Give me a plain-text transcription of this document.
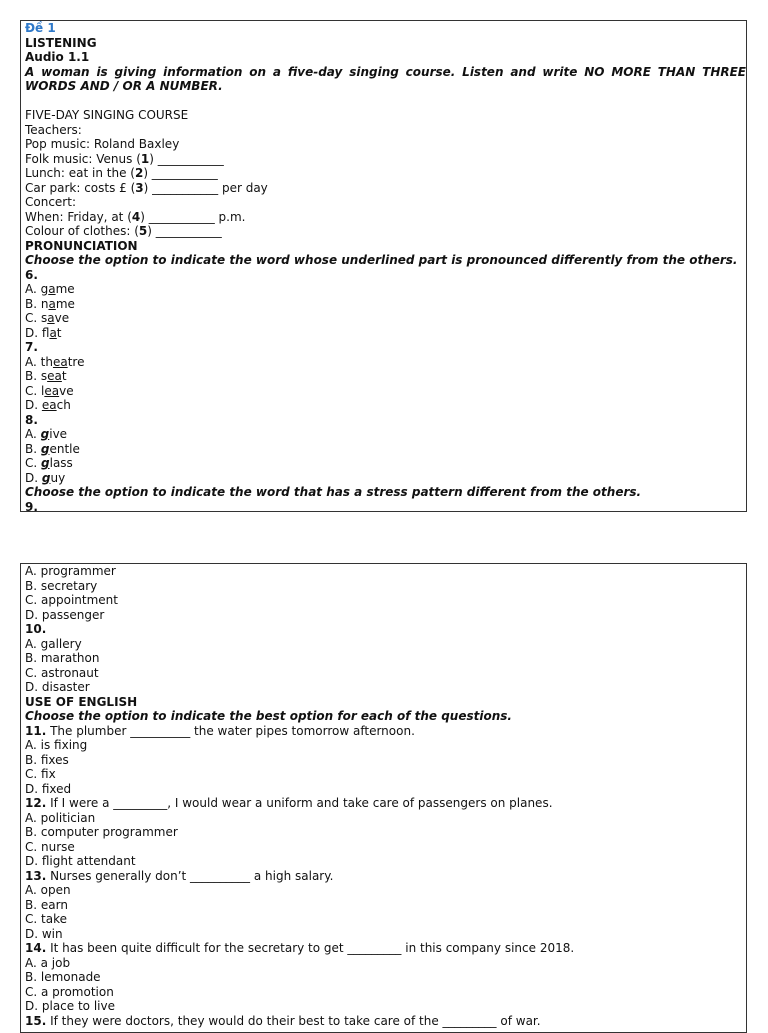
Đề 1
LISTENING
Audio 1.1
A woman is giving information on a five-day singing course. Listen and write NO MORE THAN THREE WORDS AND / OR A NUMBER.
FIVE-DAY SINGING COURSE
Teachers:
Pop music: Roland Baxley
Folk music: Venus (1) ___________
Lunch: eat in the (2) ___________
Car park: costs £ (3) ___________ per day
Concert:
When: Friday, at (4) ___________ p.m.
Colour of clothes: (5) ___________
PRONUNCIATION
Choose the option to indicate the word whose underlined part is pronounced differently from the others.
6.
A. game
B. name
C. save
D. flat
7.
A. theatre
B. seat
C. leave
D. each
8.
A. give
B. gentle
C. glass
D. guy
Choose the option to indicate the word that has a stress pattern different from the others.
9.
A. programmer
B. secretary
C. appointment
D. passenger
10.
A. gallery
B. marathon
C. astronaut
D. disaster
USE OF ENGLISH
Choose the option to indicate the best option for each of the questions.
11. The plumber __________ the water pipes tomorrow afternoon.
A. is fixing
B. fixes
C. fix
D. fixed
12. If I were a _________, I would wear a uniform and take care of passengers on planes.
A. politician
B. computer programmer
C. nurse
D. flight attendant
13. Nurses generally don’t __________ a high salary.
A. open
B. earn
C. take
D. win
14. It has been quite difficult for the secretary to get _________ in this company since 2018.
A. a job
B. lemonade
C. a promotion
D. place to live
15. If they were doctors, they would do their best to take care of the _________ of war.
